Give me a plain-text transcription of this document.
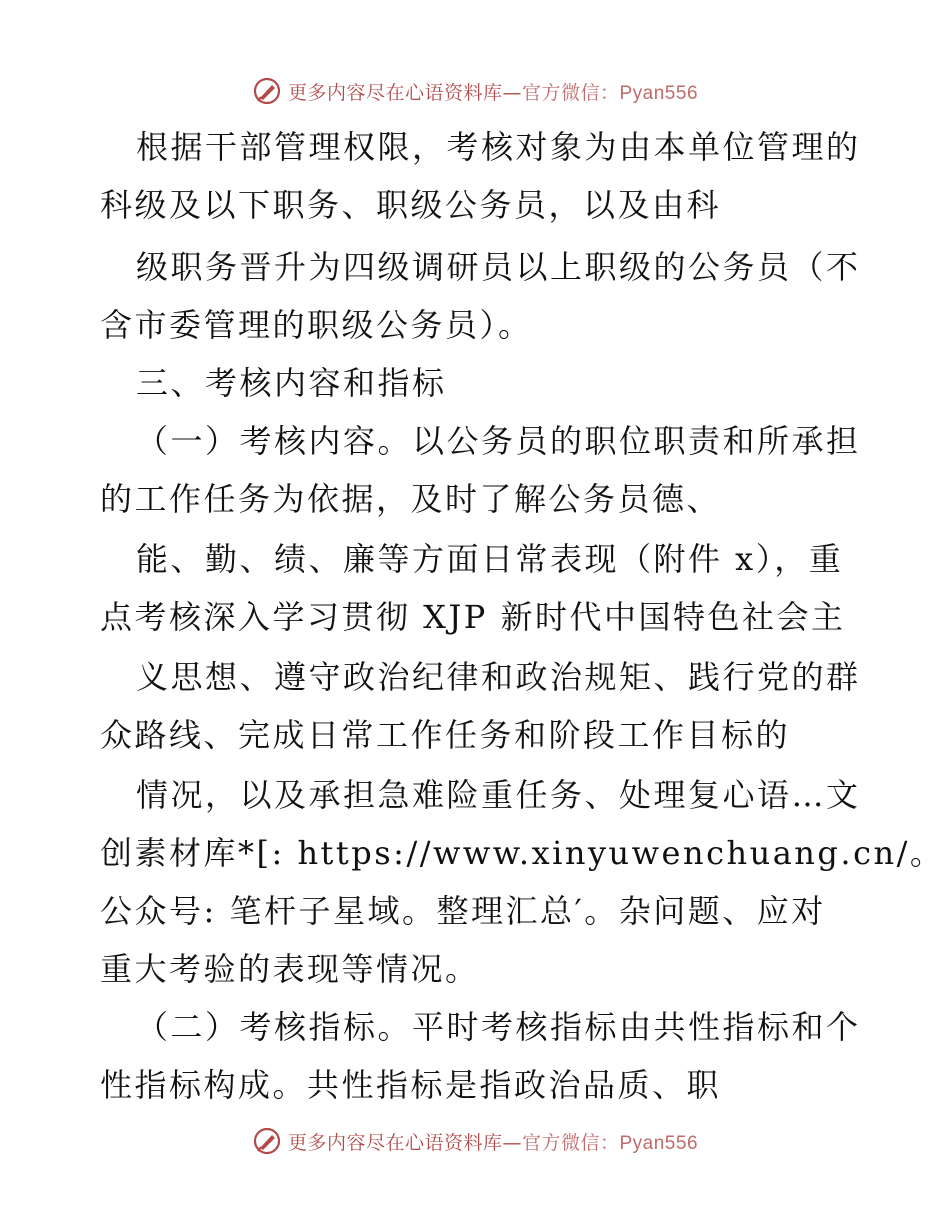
更多内容尽在心语资料库—官方微信：Pyan556
根据干部管理权限，考核对象为由本单位管理的
科级及以下职务、职级公务员，以及由科
级职务晋升为四级调研员以上职级的公务员（不
含市委管理的职级公务员）。
三、考核内容和指标
（一）考核内容。以公务员的职位职责和所承担
的工作任务为依据，及时了解公务员德、
能、勤、绩、廉等方面日常表现（附件 x），重
点考核深入学习贯彻 XJP 新时代中国特色社会主
义思想、遵守政治纪律和政治规矩、践行党的群
众路线、完成日常工作任务和阶段工作目标的
情况，以及承担急难险重任务、处理复心语…文
创素材库*[: https://www.xinyuwenchuang.cn/。
公众号: 笔杆子星域。整理汇总′。杂问题、应对
重大考验的表现等情况。
（二）考核指标。平时考核指标由共性指标和个
性指标构成。共性指标是指政治品质、职
更多内容尽在心语资料库—官方微信：Pyan556
